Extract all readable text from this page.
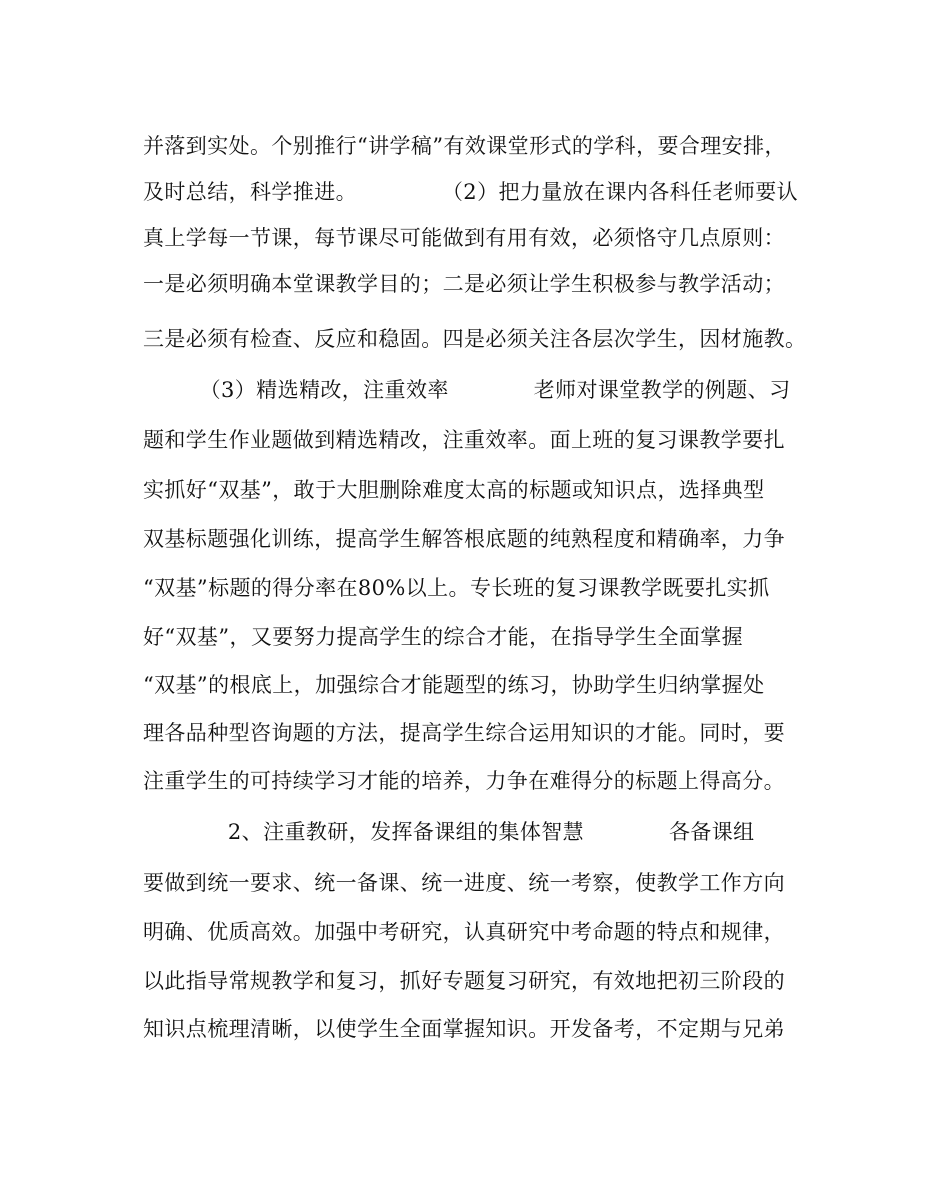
并落到实处。个别推行“讲学稿”有效课堂形式的学科，要合理安排，
及时总结，科学推进。            （2）把力量放在课内各科任老师要认
真上学每一节课，每节课尽可能做到有用有效，必须恪守几点原则：
一是必须明确本堂课教学目的；二是必须让学生积极参与教学活动；
三是必须有检查、反应和稳固。四是必须关注各层次学生，因材施教。
（3）精选精改，注重效率            老师对课堂教学的例题、习
题和学生作业题做到精选精改，注重效率。面上班的复习课教学要扎
实抓好“双基”，敢于大胆删除难度太高的标题或知识点，选择典型
双基标题强化训练，提高学生解答根底题的纯熟程度和精确率，力争
“双基”标题的得分率在80%以上。专长班的复习课教学既要扎实抓
好“双基”，又要努力提高学生的综合才能，在指导学生全面掌握
“双基”的根底上，加强综合才能题型的练习，协助学生归纳掌握处
理各品种型咨询题的方法，提高学生综合运用知识的才能。同时，要
注重学生的可持续学习才能的培养，力争在难得分的标题上得高分。
2、注重教研，发挥备课组的集体智慧            各备课组
要做到统一要求、统一备课、统一进度、统一考察，使教学工作方向
明确、优质高效。加强中考研究，认真研究中考命题的特点和规律，
以此指导常规教学和复习，抓好专题复习研究，有效地把初三阶段的
知识点梳理清晰，以使学生全面掌握知识。开发备考，不定期与兄弟
